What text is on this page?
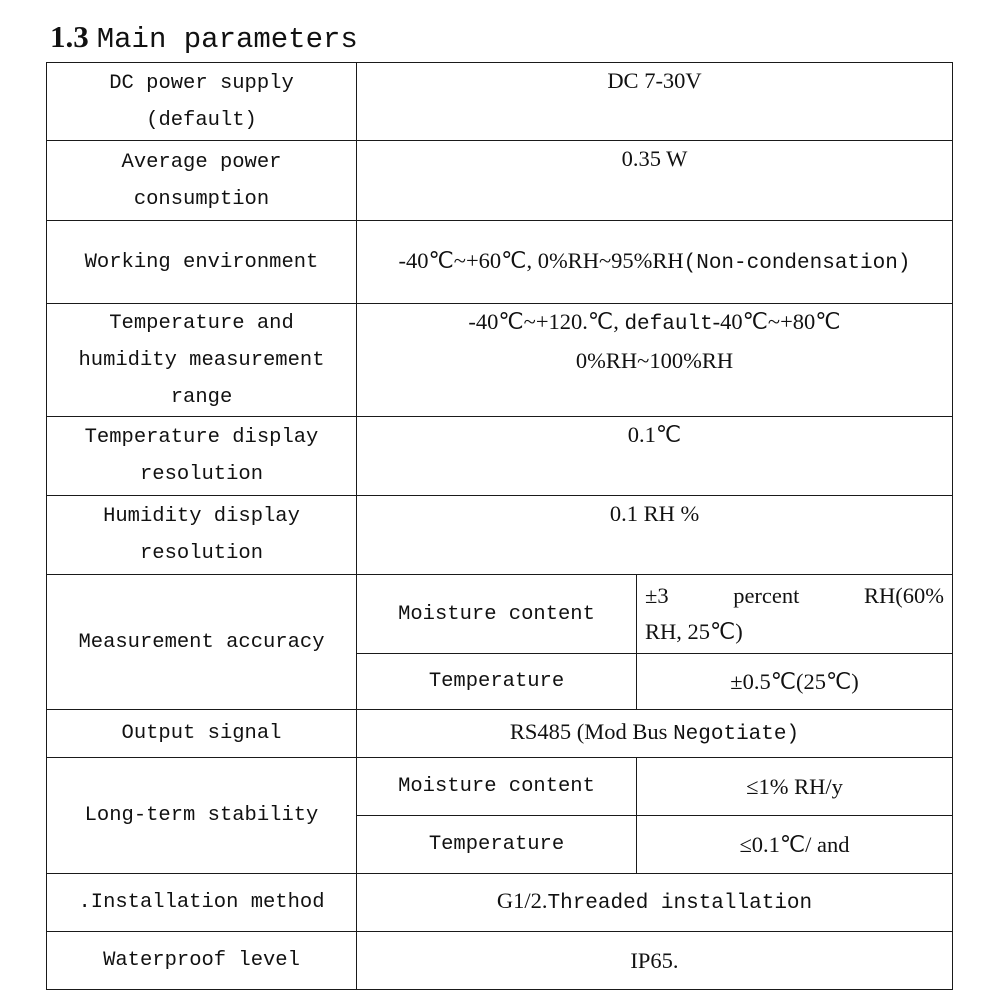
1.3 Main parameters
DC power supply (default)	DC 7-30V	
Average power consumption	0.35 W	
Working environment	-40℃~+60℃, 0%RH~95%RH(Non-condensation)	
Temperature and humidity measurement range	-40℃~+120.℃, default-40℃~+80℃
0%RH~100%RH	

Temperature display resolution	0.1℃	
Humidity display resolution	0.1 RH %	
Measurement accuracy	Moisture content	±3 percent RH(60%
RH, 25℃)

	Temperature	±0.5℃(25℃)
Output signal	RS485 (Mod Bus Negotiate)	
Long-term stability	Moisture content	≤1% RH/y
	Temperature	≤0.1℃/ and
.Installation method	G1/2.Threaded installation	
Waterproof level	IP65.	
